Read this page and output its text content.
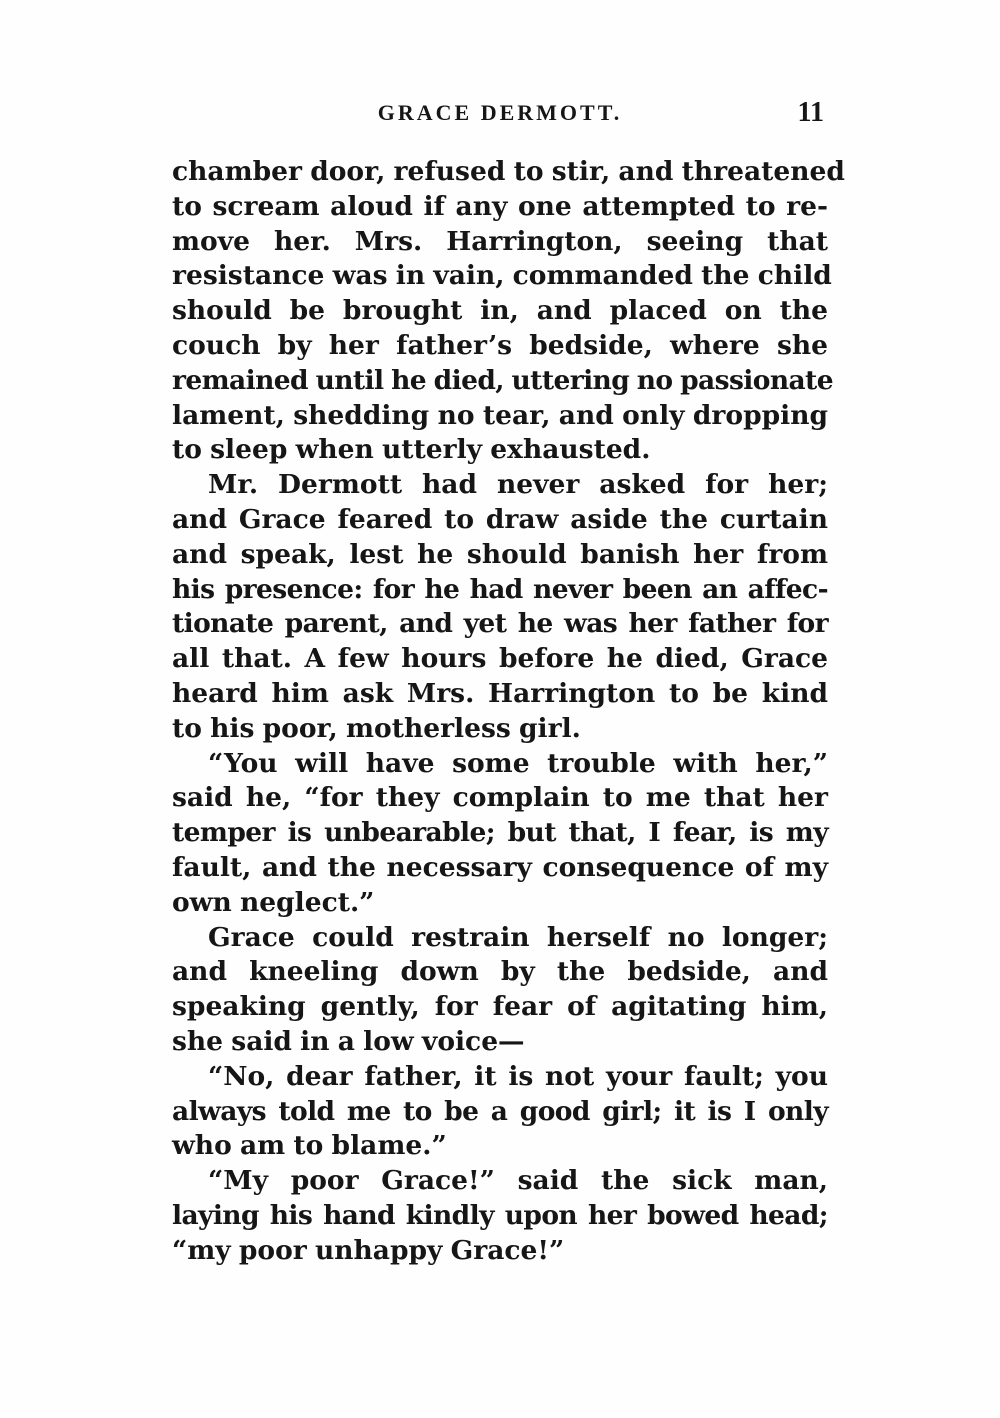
GRACE DERMOTT.	11
chamber door, refused to stir, and threatened
to scream aloud if any one attempted to re-
move her. Mrs. Harrington, seeing that
resistance was in vain, commanded the child
should be brought in, and placed on the
couch by her father’s bedside, where she
remained until he died, uttering no passionate
lament, shedding no tear, and only dropping
to sleep when utterly exhausted.
Mr. Dermott had never asked for her;
and Grace feared to draw aside the curtain
and speak, lest he should banish her from
his presence: for he had never been an affec-
tionate parent, and yet he was her father for
all that. A few hours before he died, Grace
heard him ask Mrs. Harrington to be kind
to his poor, motherless girl.
“You will have some trouble with her,”
said he, “for they complain to me that her
temper is unbearable; but that, I fear, is my
fault, and the necessary consequence of my
own neglect.”
Grace could restrain herself no longer;
and kneeling down by the bedside, and
speaking gently, for fear of agitating him,
she said in a low voice—
“No, dear father, it is not your fault; you
always told me to be a good girl; it is I only
who am to blame.”
“My poor Grace!” said the sick man,
laying his hand kindly upon her bowed head;
“my poor unhappy Grace!”
